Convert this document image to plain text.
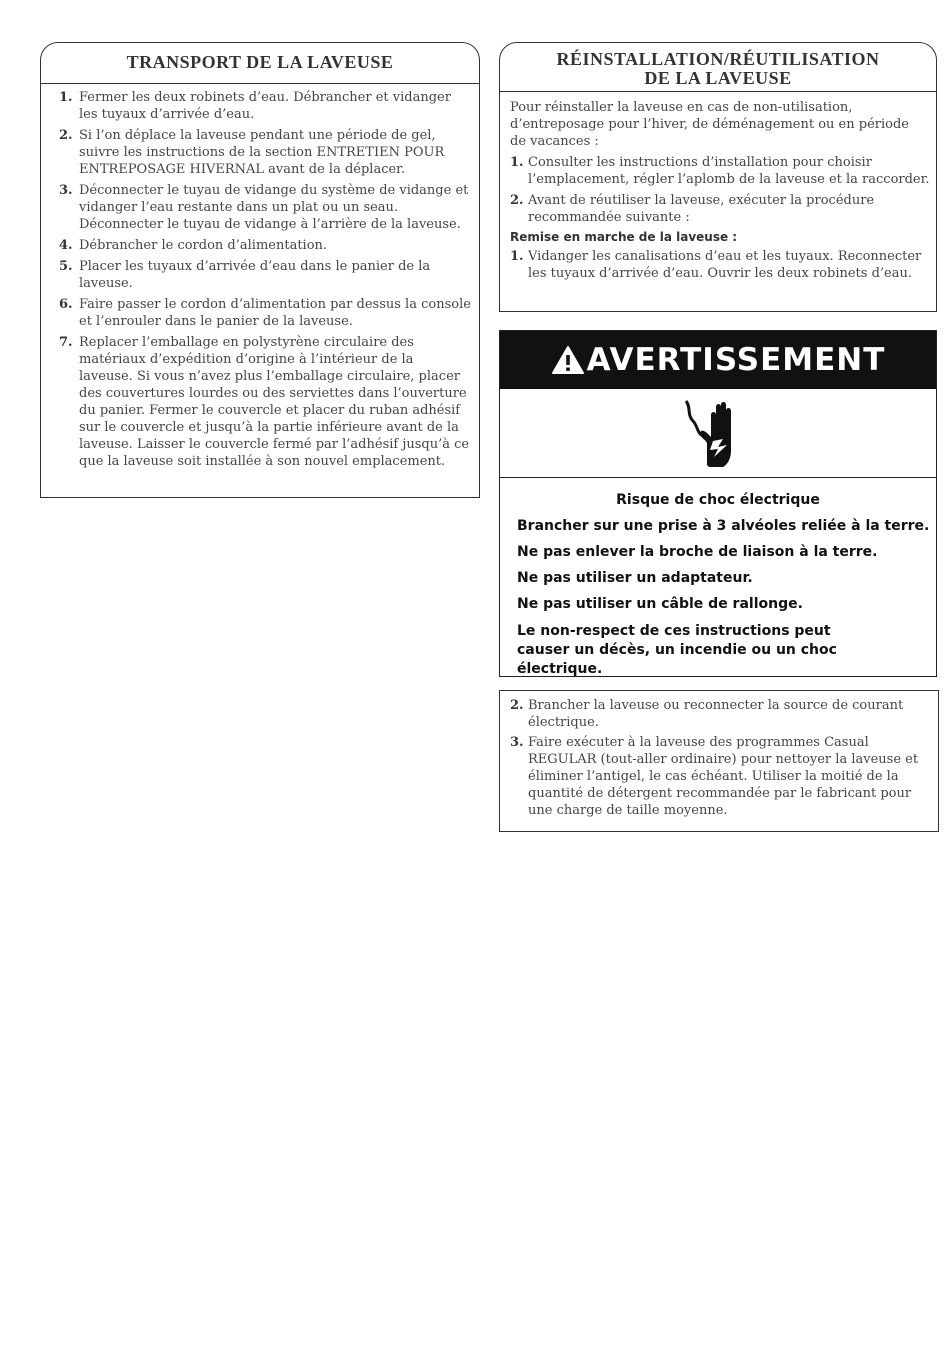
TRANSPORT DE LA LAVEUSE
1. Fermer les deux robinets d’eau. Débrancher et vidanger les tuyaux d’arrivée d’eau.
2. Si l’on déplace la laveuse pendant une période de gel, suivre les instructions de la section ENTRETIEN POUR ENTREPOSAGE HIVERNAL avant de la déplacer.
3. Déconnecter le tuyau de vidange du système de vidange et vidanger l’eau restante dans un plat ou un seau. Déconnecter le tuyau de vidange à l’arrière de la laveuse.
4. Débrancher le cordon d’alimentation.
5. Placer les tuyaux d’arrivée d’eau dans le panier de la laveuse.
6. Faire passer le cordon d’alimentation par dessus la console et l’enrouler dans le panier de la laveuse.
7. Replacer l’emballage en polystyrène circulaire des matériaux d’expédition d’origine à l’intérieur de la laveuse. Si vous n’avez plus l’emballage circulaire, placer des couvertures lourdes ou des serviettes dans l’ouverture du panier. Fermer le couvercle et placer du ruban adhésif sur le couvercle et jusqu’à la partie inférieure avant de la laveuse. Laisser le couvercle fermé par l’adhésif jusqu’à ce que la laveuse soit installée à son nouvel emplacement.
RÉINSTALLATION/RÉUTILISATION
DE LA LAVEUSE
Pour réinstaller la laveuse en cas de non-utilisation, d’entreposage pour l’hiver, de déménagement ou en période de vacances :
1. Consulter les instructions d’installation pour choisir l’emplacement, régler l’aplomb de la laveuse et la raccorder.
2. Avant de réutiliser la laveuse, exécuter la procédure recommandée suivante :
Remise en marche de la laveuse :
1. Vidanger les canalisations d’eau et les tuyaux. Reconnecter les tuyaux d’arrivée d’eau. Ouvrir les deux robinets d’eau.
AVERTISSEMENT
Risque de choc électrique
Brancher sur une prise à 3 alvéoles reliée à la terre.
Ne pas enlever la broche de liaison à la terre.
Ne pas utiliser un adaptateur.
Ne pas utiliser un câble de rallonge.
Le non-respect de ces instructions peut causer un décès, un incendie ou un choc électrique.
2. Brancher la laveuse ou reconnecter la source de courant électrique.
3. Faire exécuter à la laveuse des programmes Casual REGULAR (tout-aller ordinaire) pour nettoyer la laveuse et éliminer l’antigel, le cas échéant. Utiliser la moitié de la quantité de détergent recommandée par le fabricant pour une charge de taille moyenne.
